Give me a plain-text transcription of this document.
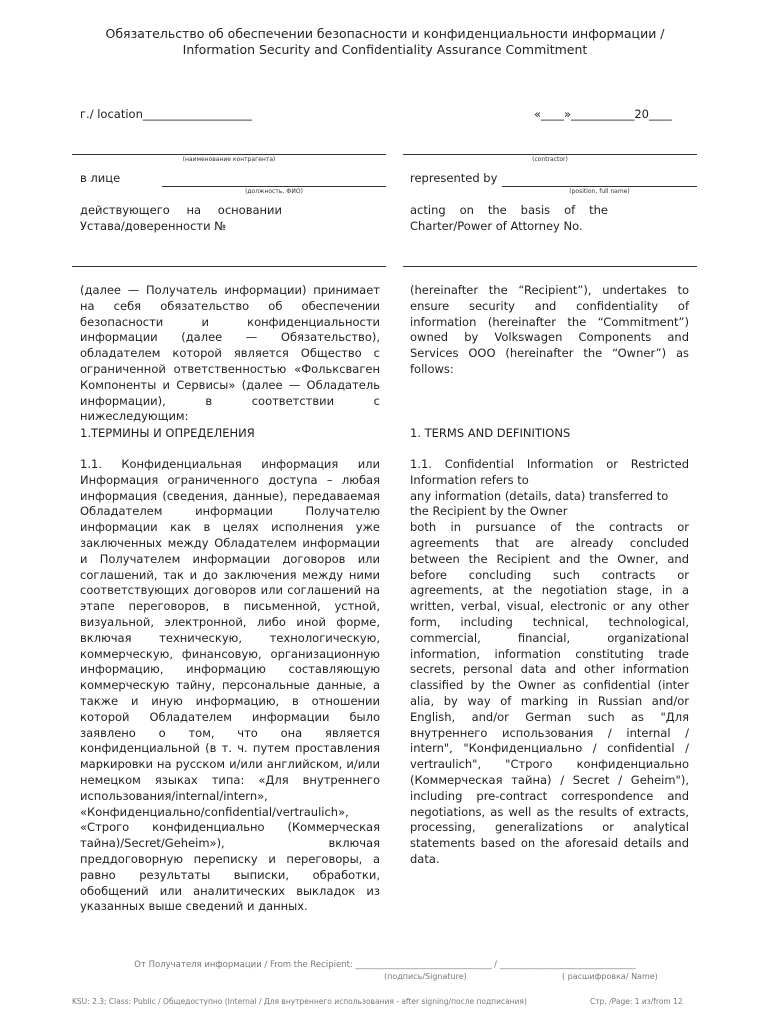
Обязательство об обеспечении безопасности и конфиденциальности информации /
Information Security and Confidentiality Assurance Commitment
г./ location___________________	«____»___________20____
(наименование контрагента)	(contractor)
в лице
(должность, ФИО)
represented by
(position, full name)
действующего на основании Устава/доверенности №
acting on the basis of the Charter/Power of Attorney No.
(далее — Получатель информации) принимает на себя обязательство об обеспечении безопасности и конфиденциальности информации (далее — Обязательство), обладателем которой является Общество с ограниченной ответственностью «Фольксваген Компоненты и Сервисы» (далее — Обладатель информации), в соответствии с нижеследующим:
(hereinafter the “Recipient”), undertakes to ensure security and confidentiality of information (hereinafter the “Commitment”) owned by Volkswagen Components and Services OOO (hereinafter the “Owner”) as follows:
1.ТЕРМИНЫ И ОПРЕДЕЛЕНИЯ	1. TERMS AND DEFINITIONS
1.1. Конфиденциальная информация или Информация ограниченного доступа – любая информация (сведения, данные), передаваемая Обладателем информации Получателю информации как в целях исполнения уже заключенных между Обладателем информации и Получателем информации договоров или соглашений, так и до заключения между ними соответствующих договоров или соглашений на этапе переговоров, в письменной, устной, визуальной, электронной, либо иной форме, включая техническую, технологическую, коммерческую, финансовую, организационную информацию, информацию составляющую коммерческую тайну, персональные данные, а также и иную информацию, в отношении которой Обладателем информации было заявлено о том, что она является конфиденциальной (в т. ч. путем проставления маркировки на русском и/или английском, и/или немецком языках типа: «Для внутреннего использования/internal/intern», «Конфиденциально/confidential/vertraulich», «Строго конфиденциально (Коммерческая тайна)/Secret/Geheim»), включая преддоговорную переписку и переговоры, а равно результаты выписки, обработки, обобщений или аналитических выкладок из указанных выше сведений и данных.
1.1. Confidential Information or Restricted Information refers to
any information (details, data) transferred to the Recipient by the Owner
both in pursuance of the contracts or agreements that are already concluded between the Recipient and the Owner, and before concluding such contracts or agreements, at the negotiation stage, in a written, verbal, visual, electronic or any other form, including technical, technological, commercial, financial, organizational information, information constituting trade secrets, personal data and other information classified by the Owner as confidential (inter alia, by way of marking in Russian and/or English, and/or German such as "Для внутреннего использования / internal / intern", "Конфиденциально / confidential / vertraulich", "Строго конфиденциально (Коммерческая тайна) / Secret / Geheim"), including pre-contract correspondence and negotiations, as well as the results of extracts, processing, generalizations or analytical statements based on the aforesaid details and data.
От Получателя информации / From the Recipient: ________________________________ / ________________________________
(подпись/Signature)	( расшифровка/ Name)
KSU: 2.3; Class: Public / Общедоступно (Internal / Для внутреннего использования - after signing/после подписания)	Стр. /Page: 1 из/from 12
